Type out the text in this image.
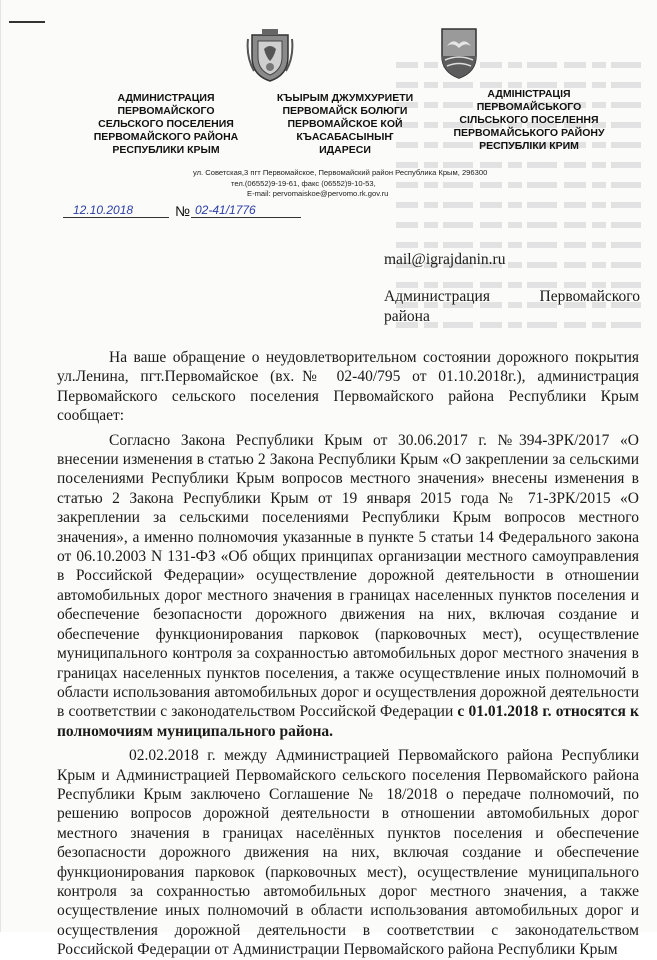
АДМИНИСТРАЦИЯ
ПЕРВОМАЙСКОГО
СЕЛЬСКОГО ПОСЕЛЕНИЯ
ПЕРВОМАЙСКОГО РАЙОНА
РЕСПУБЛИКИ КРЫМ
КЪЫРЫМ ДЖУМХУРИЕТИ
ПЕРВОМАЙСК БОЛЮГИ
ПЕРВОМАЙСКОЕ КОЙ
КЪАСАБАСЫНЫҤ
ИДАРЕСИ
АДМІНІСТРАЦІЯ
ПЕРВОМАЙСЬКОГО
СІЛЬСЬКОГО ПОСЕЛЕННЯ
ПЕРВОМАЙСЬКОГО РАЙОНУ
РЕСПУБЛІКИ КРИМ
ул. Советская,3 пгт Первомайское, Первомайский район Республика Крым, 296300
тел.(06552)9-19-61, факс (06552)9-10-53,
E-mail: pervomaiskoe@pervomo.rk.gov.ru
12.10.2018	№ 02-41/1776
mail@igrajdanin.ru
Администрация	Первомайского
района

На ваше обращение о неудовлетворительном состоянии дорожного покрытия ул.Ленина, пгт.Первомайское (вх.№ 02-40/795 от 01.10.2018г.), администрация Первомайского сельского поселения Первомайского района Республики Крым сообщает:

Согласно Закона Республики Крым от 30.06.2017 г. №394-ЗРК/2017 «О внесении изменения в статью 2 Закона Республики Крым «О закреплении за сельскими поселениями Республики Крым вопросов местного значения» внесены изменения в статью 2 Закона Республики Крым от 19 января 2015 года № 71-ЗРК/2015 «О закреплении за сельскими поселениями Республики Крым вопросов местного значения», а именно полномочия указанные в пункте 5 статьи 14 Федерального закона от 06.10.2003 N 131-ФЗ «Об общих принципах организации местного самоуправления в Российской Федерации» осуществление дорожной деятельности в отношении автомобильных дорог местного значения в границах населенных пунктов поселения и обеспечение безопасности дорожного движения на них, включая создание и обеспечение функционирования парковок (парковочных мест), осуществление муниципального контроля за сохранностью автомобильных дорог местного значения в границах населенных пунктов поселения, а также осуществление иных полномочий в области использования автомобильных дорог и осуществления дорожной деятельности в соответствии с законодательством Российской Федерации с 01.01.2018 г. относятся к полномочиям муниципального района.

02.02.2018 г. между Администрацией Первомайского района Республики Крым и Администрацией Первомайского сельского поселения Первомайского района Республики Крым заключено Соглашение № 18/2018 о передаче полномочий, по решению вопросов дорожной деятельности в отношении автомобильных дорог местного значения в границах населённых пунктов поселения и обеспечение безопасности дорожного движения на них, включая создание и обеспечение функционирования парковок (парковочных мест), осуществление муниципального контроля за сохранностью автомобильных дорог местного значения, а также осуществление иных полномочий в области использования автомобильных дорог и осуществления дорожной деятельности в соответствии с законодательством Российской Федерации от Администрации Первомайского района Республики Крым
